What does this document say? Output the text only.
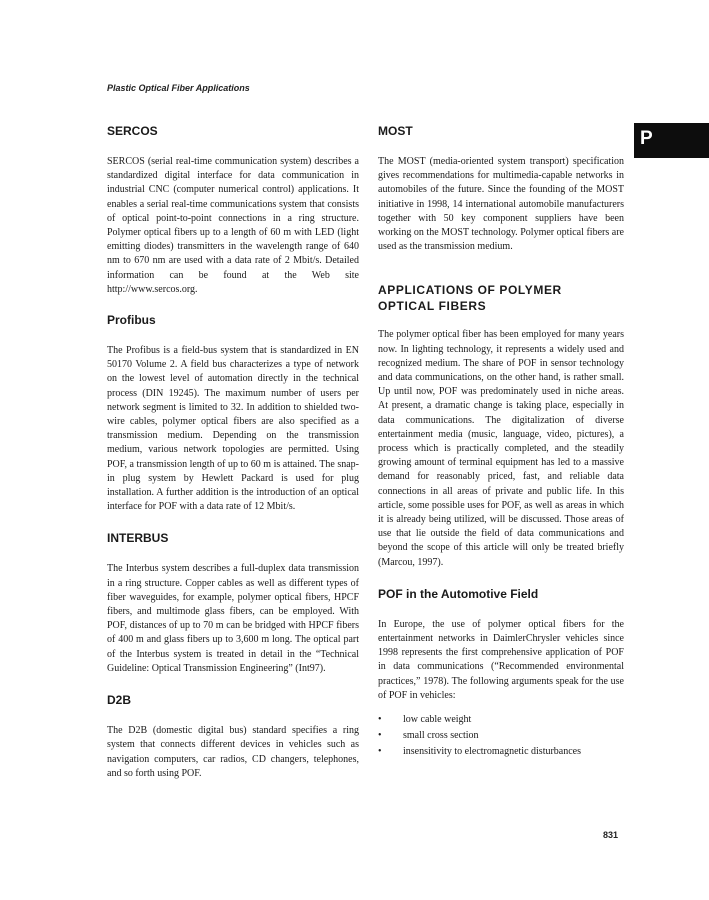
Plastic Optical Fiber Applications
P
SERCOS

SERCOS (serial real-time communication system) describes a standardized digital interface for data communication in industrial CNC (computer numerical control) applications. It enables a serial real-time communications system that consists of optical point-to-point connections in a ring structure. Polymer optical fibers up to a length of 60 m with LED (light emitting diodes) transmitters in the wavelength range of 640 nm to 670 nm are used with a data rate of 2 Mbit/s. Detailed information can be found at the Web site http://www.sercos.org.

Profibus

The Profibus is a field-bus system that is standardized in EN 50170 Volume 2. A field bus characterizes a type of network on the lowest level of automation directly in the technical process (DIN 19245). The maximum number of users per network segment is limited to 32. In addition to shielded two-wire cables, polymer optical fibers are also specified as a transmission medium. Depending on the transmission medium, various network topologies are permitted. Using POF, a transmission length of up to 60 m is attained. The snap-in plug system by Hewlett Packard is used for plug installation. A further addition is the introduction of an optical interface for POF with a data rate of 12 Mbit/s.

INTERBUS

The Interbus system describes a full-duplex data transmission in a ring structure. Copper cables as well as different types of fiber waveguides, for example, polymer optical fibers, HPCF fibers, and multimode glass fibers, can be employed. With POF, distances of up to 70 m can be bridged with HPCF fibers of 400 m and glass fibers up to 3,600 m long. The optical part of the Interbus system is treated in detail in the “Technical Guideline: Optical Transmission Engineering” (Int97).

D2B

The D2B (domestic digital bus) standard specifies a ring system that connects different devices in vehicles such as navigation computers, car radios, CD changers, telephones, and so forth using POF.

MOST

The MOST (media-oriented system transport) specification gives recommendations for multimedia-capable networks in automobiles of the future. Since the founding of the MOST initiative in 1998, 14 international automobile manufacturers together with 50 key component suppliers have been working on the MOST technology. Polymer optical fibers are used as the transmission medium.

APPLICATIONS OF POLYMER
OPTICAL FIBERS

The polymer optical fiber has been employed for many years now. In lighting technology, it represents a widely used and recognized medium. The share of POF in sensor technology and data communications, on the other hand, is rather small. Up until now, POF was predominately used in niche areas. At present, a dramatic change is taking place, especially in data communications. The digitalization of diverse entertainment media (music, language, video, pictures), a process which is practically completed, and the steadily growing amount of terminal equipment has led to a massive demand for reasonably priced, fast, and reliable data connections in all areas of private and public life. In this article, some possible uses for POF, as well as areas in which it is already being utilized, will be discussed. Those areas of use that lie outside the field of data communications and beyond the scope of this article will only be treated briefly (Marcou, 1997).

POF in the Automotive Field

In Europe, the use of polymer optical fibers for the entertainment networks in DaimlerChrysler vehicles since 1998 represents the first comprehensive application of POF in data communications (“Recommended environmental practices,” 1978). The following arguments speak for the use of POF in vehicles:

• low cable weight
• small cross section
• insensitivity to electromagnetic disturbances
831
